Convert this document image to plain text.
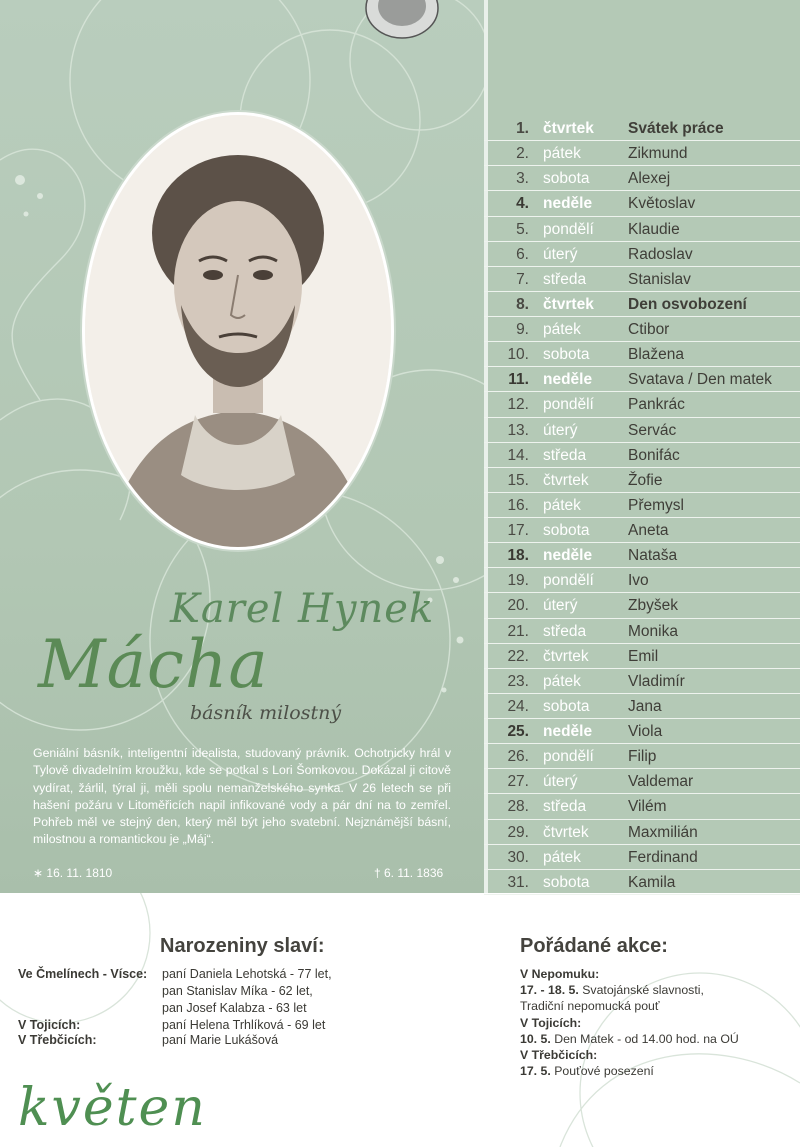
Karel Hynek
Mácha
básník milostný
Geniální básník, inteligentní idealista, studovaný právník. Ochotnicky hrál v Tylově divadelním kroužku, kde se potkal s Lori Šomkovou. Dokázal ji citově vydírat, žárlil, týral ji, měli spolu nemanželského synka. V 26 letech se při hašení požáru v Litoměřicích napil infikované vody a pár dní na to zemřel. Pohřeb měl ve stejný den, který měl být jeho svatební. Nejznámější básní, milostnou a romantickou je „Máj“.
∗ 16. 11. 1810	† 6. 11. 1836
1. čtvrtek Svátek práce
2. pátek	Zikmund
3. sobota Alexej
4. neděle Květoslav
5. pondělí Klaudie
6. úterý	Radoslav
7. středa	Stanislav
8. čtvrtek Den osvobození
9. pátek	Ctibor
10. sobota Blažena
11. neděle Svatava / Den matek
12. pondělí Pankrác
13. úterý	Servác
14. středa	Bonifác
15. čtvrtek	Žofie
16. pátek	Přemysl
17. sobota Aneta
18. neděle Nataša
19. pondělí Ivo
20. úterý	Zbyšek
21. středa	Monika
22. čtvrtek	Emil
23. pátek	Vladimír
24. sobota Jana
25. neděle Viola
26. pondělí Filip
27. úterý	Valdemar
28. středa	Vilém
29. čtvrtek	Maxmilián
30. pátek	Ferdinand
31. sobota Kamila
Narozeniny slaví:
Ve Čmelínech - Vísce: paní Daniela Lehotská - 77 let,
pan Stanislav Míka - 62 let,
pan Josef Kalabza - 63 let
V Tojicích:	paní Helena Trhlíková - 69 let
V Třebčicích:	paní Marie Lukášová
Pořádané akce:
V Nepomuku:
17. - 18. 5. Svatojánské slavnosti,
Tradiční nepomucká pouť
V Tojicích:
10. 5. Den Matek - od 14.00 hod. na OÚ
V Třebčicích:
17. 5. Pouťové posezení
květen
